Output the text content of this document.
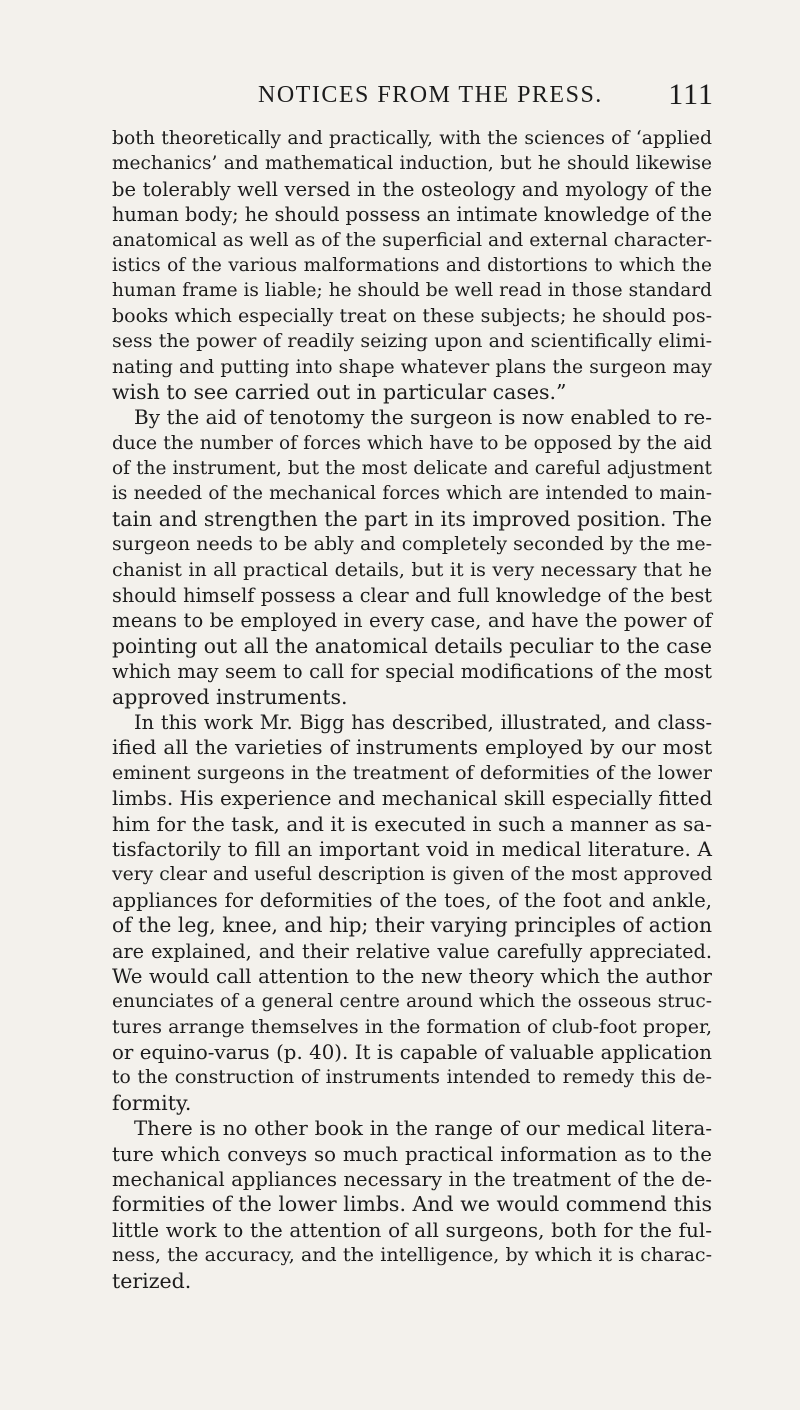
NOTICES FROM THE PRESS. 111
both theoretically and practically, with the sciences of ‘applied
mechanics’ and mathematical induction, but he should likewise
be tolerably well versed in the osteology and myology of the
human body; he should possess an intimate knowledge of the
anatomical as well as of the superficial and external character-
istics of the various malformations and distortions to which the
human frame is liable; he should be well read in those standard
books which especially treat on these subjects; he should pos-
sess the power of readily seizing upon and scientifically elimi-
nating and putting into shape whatever plans the surgeon may
wish to see carried out in particular cases.”
By the aid of tenotomy the surgeon is now enabled to re-
duce the number of forces which have to be opposed by the aid
of the instrument, but the most delicate and careful adjustment
is needed of the mechanical forces which are intended to main-
tain and strengthen the part in its improved position. The
surgeon needs to be ably and completely seconded by the me-
chanist in all practical details, but it is very necessary that he
should himself possess a clear and full knowledge of the best
means to be employed in every case, and have the power of
pointing out all the anatomical details peculiar to the case
which may seem to call for special modifications of the most
approved instruments.
In this work Mr. Bigg has described, illustrated, and class-
ified all the varieties of instruments employed by our most
eminent surgeons in the treatment of deformities of the lower
limbs. His experience and mechanical skill especially fitted
him for the task, and it is executed in such a manner as sa-
tisfactorily to fill an important void in medical literature. A
very clear and useful description is given of the most approved
appliances for deformities of the toes, of the foot and ankle,
of the leg, knee, and hip; their varying principles of action
are explained, and their relative value carefully appreciated.
We would call attention to the new theory which the author
enunciates of a general centre around which the osseous struc-
tures arrange themselves in the formation of club-foot proper,
or equino-varus (p. 40). It is capable of valuable application
to the construction of instruments intended to remedy this de-
formity.
There is no other book in the range of our medical litera-
ture which conveys so much practical information as to the
mechanical appliances necessary in the treatment of the de-
formities of the lower limbs. And we would commend this
little work to the attention of all surgeons, both for the ful-
ness, the accuracy, and the intelligence, by which it is charac-
terized.
